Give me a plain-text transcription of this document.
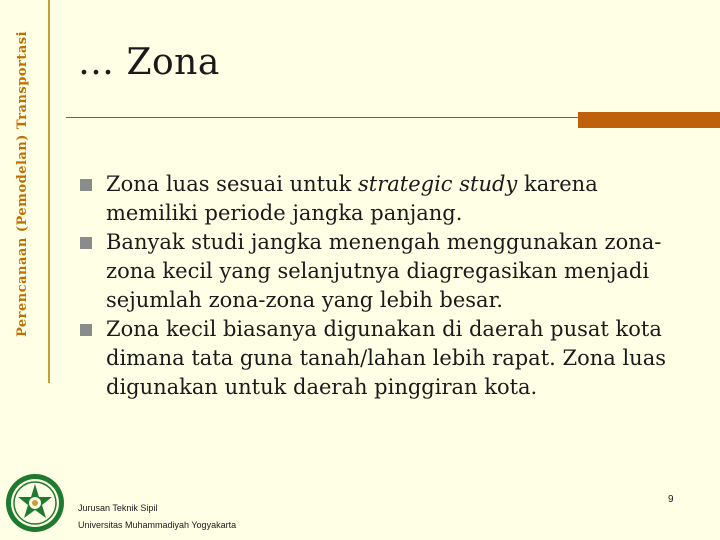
Perencanaan (Pemodelan) Transportasi … Zona
Zona luas sesuai untuk strategic study karena memiliki periode jangka panjang.
Banyak studi jangka menengah menggunakan zona-zona kecil yang selanjutnya diagregasikan menjadi sejumlah zona-zona yang lebih besar.
Zona kecil biasanya digunakan di daerah pusat kota dimana tata guna tanah/lahan lebih rapat. Zona luas digunakan untuk daerah pinggiran kota.
Jurusan Teknik Sipil
Universitas Muhammadiyah Yogyakarta
9
